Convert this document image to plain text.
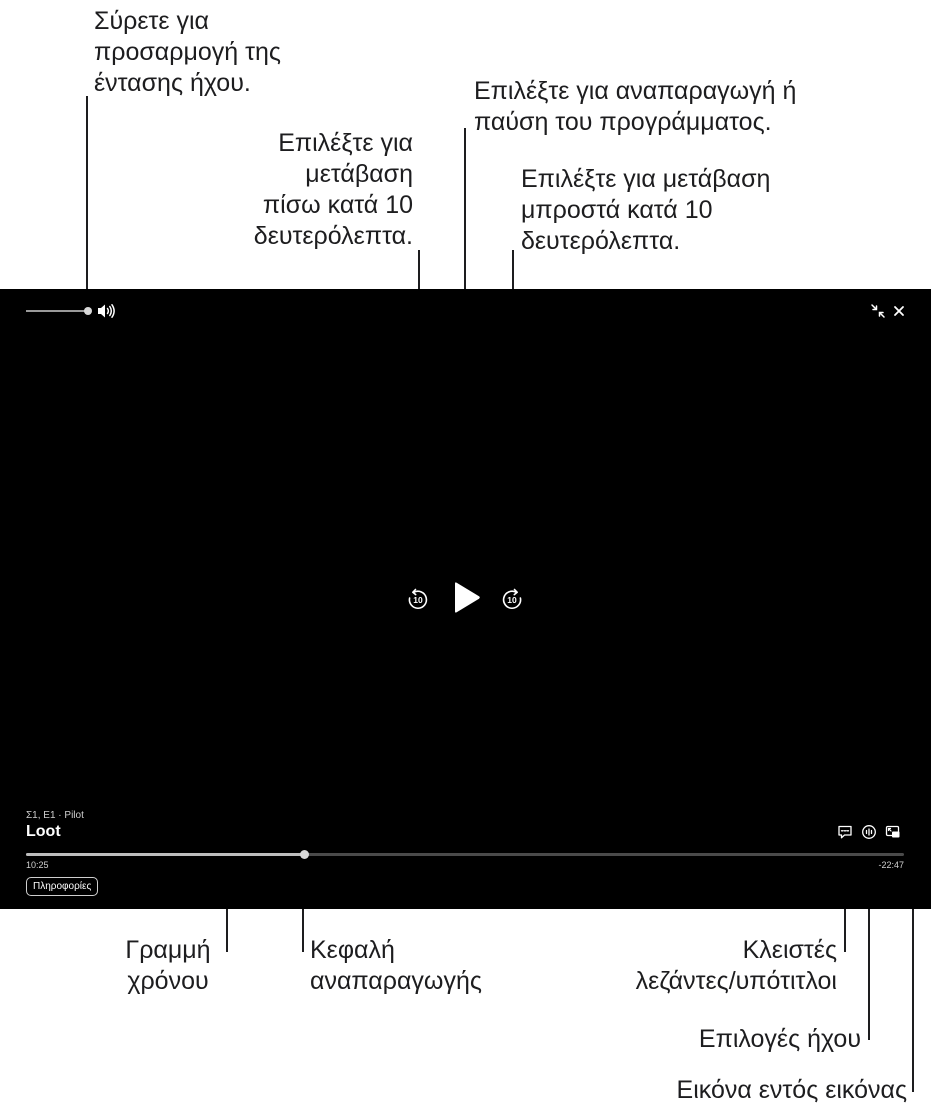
Σύρετε για
προσαρμογή της
έντασης ήχου.	Επιλέξτε για αναπαραγωγή ή
παύση του προγράμματος.
Επιλέξτε για
μετάβαση
πίσω κατά 10
δευτερόλεπτα.
Επιλέξτε για μετάβαση
μπροστά κατά 10
δευτερόλεπτα.
Γραμμή
χρόνου
Κεφαλή
αναπαραγωγής
Κλειστές
λεζάντες/υπότιτλοι
Επιλογές ήχου
Εικόνα εντός εικόνας
10	10
Σ1, Ε1 · Pilot
Loot
10:25	-22:47
Πληροφορίες
